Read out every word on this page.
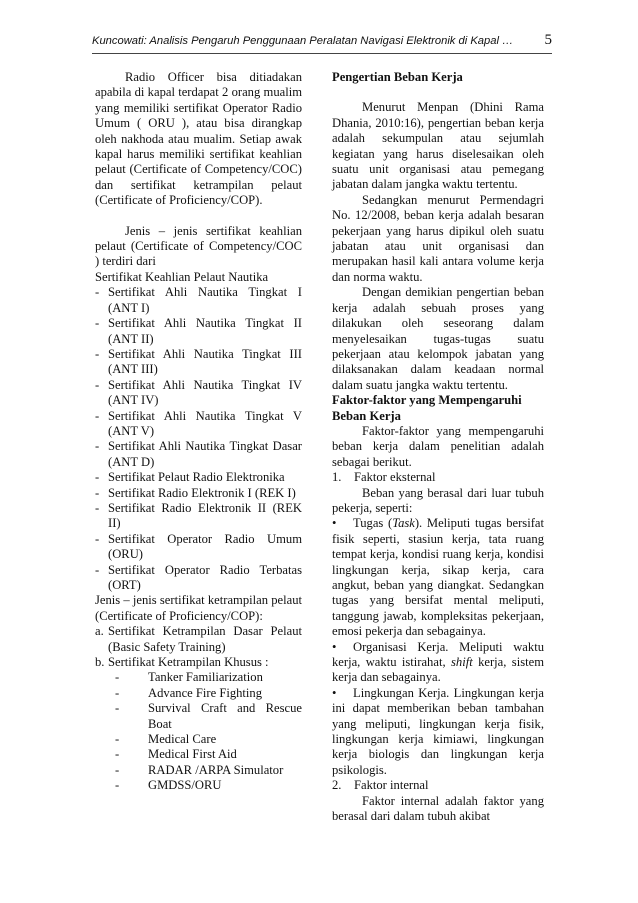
Kuncowati: Analisis Pengaruh Penggunaan Peralatan Navigasi Elektronik di Kapal … 5

Radio Officer bisa ditiadakan apabila di kapal terdapat 2 orang mualim yang memiliki sertifikat Operator Radio Umum ( ORU ), atau bisa dirangkap oleh nakhoda atau mualim. Setiap awak kapal harus memiliki sertifikat keahlian pelaut (Certificate of Competency/COC) dan sertifikat ketrampilan pelaut (Certificate of Proficiency/COP).

Jenis – jenis sertifikat keahlian pelaut (Certificate of Competency/COC ) terdiri dari

Sertifikat Keahlian Pelaut Nautika

- Sertifikat Ahli Nautika Tingkat I (ANT I)
- Sertifikat Ahli Nautika Tingkat II (ANT II)
- Sertifikat Ahli Nautika Tingkat III (ANT III)
- Sertifikat Ahli Nautika Tingkat IV (ANT IV)
- Sertifikat Ahli Nautika Tingkat V (ANT V)
- Sertifikat Ahli Nautika Tingkat Dasar (ANT D)
- Sertifikat Pelaut Radio Elektronika
- Sertifikat Radio Elektronik I (REK I)
- Sertifikat Radio Elektronik II (REK II)
- Sertifikat Operator Radio Umum (ORU)
- Sertifikat Operator Radio Terbatas (ORT)

Jenis – jenis sertifikat ketrampilan pelaut (Certificate of Proficiency/COP):

a. Sertifikat Ketrampilan Dasar Pelaut (Basic Safety Training)
b. Sertifikat Ketrampilan Khusus :
-	Tanker Familiarization
-	Advance Fire Fighting
-	Survival Craft and Rescue Boat
-	Medical Care
-	Medical First Aid
-	RADAR /ARPA Simulator
-	GMDSS/ORU

Pengertian Beban Kerja

Menurut Menpan (Dhini Rama Dhania, 2010:16), pengertian beban kerja adalah sekumpulan atau sejumlah kegiatan yang harus diselesaikan oleh suatu unit organisasi atau pemegang jabatan dalam jangka waktu tertentu.

Sedangkan menurut Permendagri No. 12/2008, beban kerja adalah besaran pekerjaan yang harus dipikul oleh suatu jabatan atau unit organisasi dan merupakan hasil kali antara volume kerja dan norma waktu.

Dengan demikian pengertian beban kerja adalah sebuah proses yang dilakukan oleh seseorang dalam menyelesaikan tugas-tugas suatu pekerjaan atau kelompok jabatan yang dilaksanakan dalam keadaan normal dalam suatu jangka waktu tertentu.

Faktor-faktor yang Mempengaruhi Beban Kerja

Faktor-faktor yang mempengaruhi beban kerja dalam penelitian adalah sebagai berikut.

1. Faktor eksternal

Beban yang berasal dari luar tubuh pekerja, seperti:

• Tugas (Task). Meliputi tugas bersifat fisik seperti, stasiun kerja, tata ruang tempat kerja, kondisi ruang kerja, kondisi lingkungan kerja, sikap kerja, cara angkut, beban yang diangkat. Sedangkan tugas yang bersifat mental meliputi, tanggung jawab, kompleksitas pekerjaan, emosi pekerja dan sebagainya.

• Organisasi Kerja. Meliputi waktu kerja, waktu istirahat, shift kerja, sistem kerja dan sebagainya.

• Lingkungan Kerja. Lingkungan kerja ini dapat memberikan beban tambahan yang meliputi, lingkungan kerja fisik, lingkungan kerja kimiawi, lingkungan kerja biologis dan lingkungan kerja psikologis.

2. Faktor internal

Faktor internal adalah faktor yang berasal dari dalam tubuh akibat
